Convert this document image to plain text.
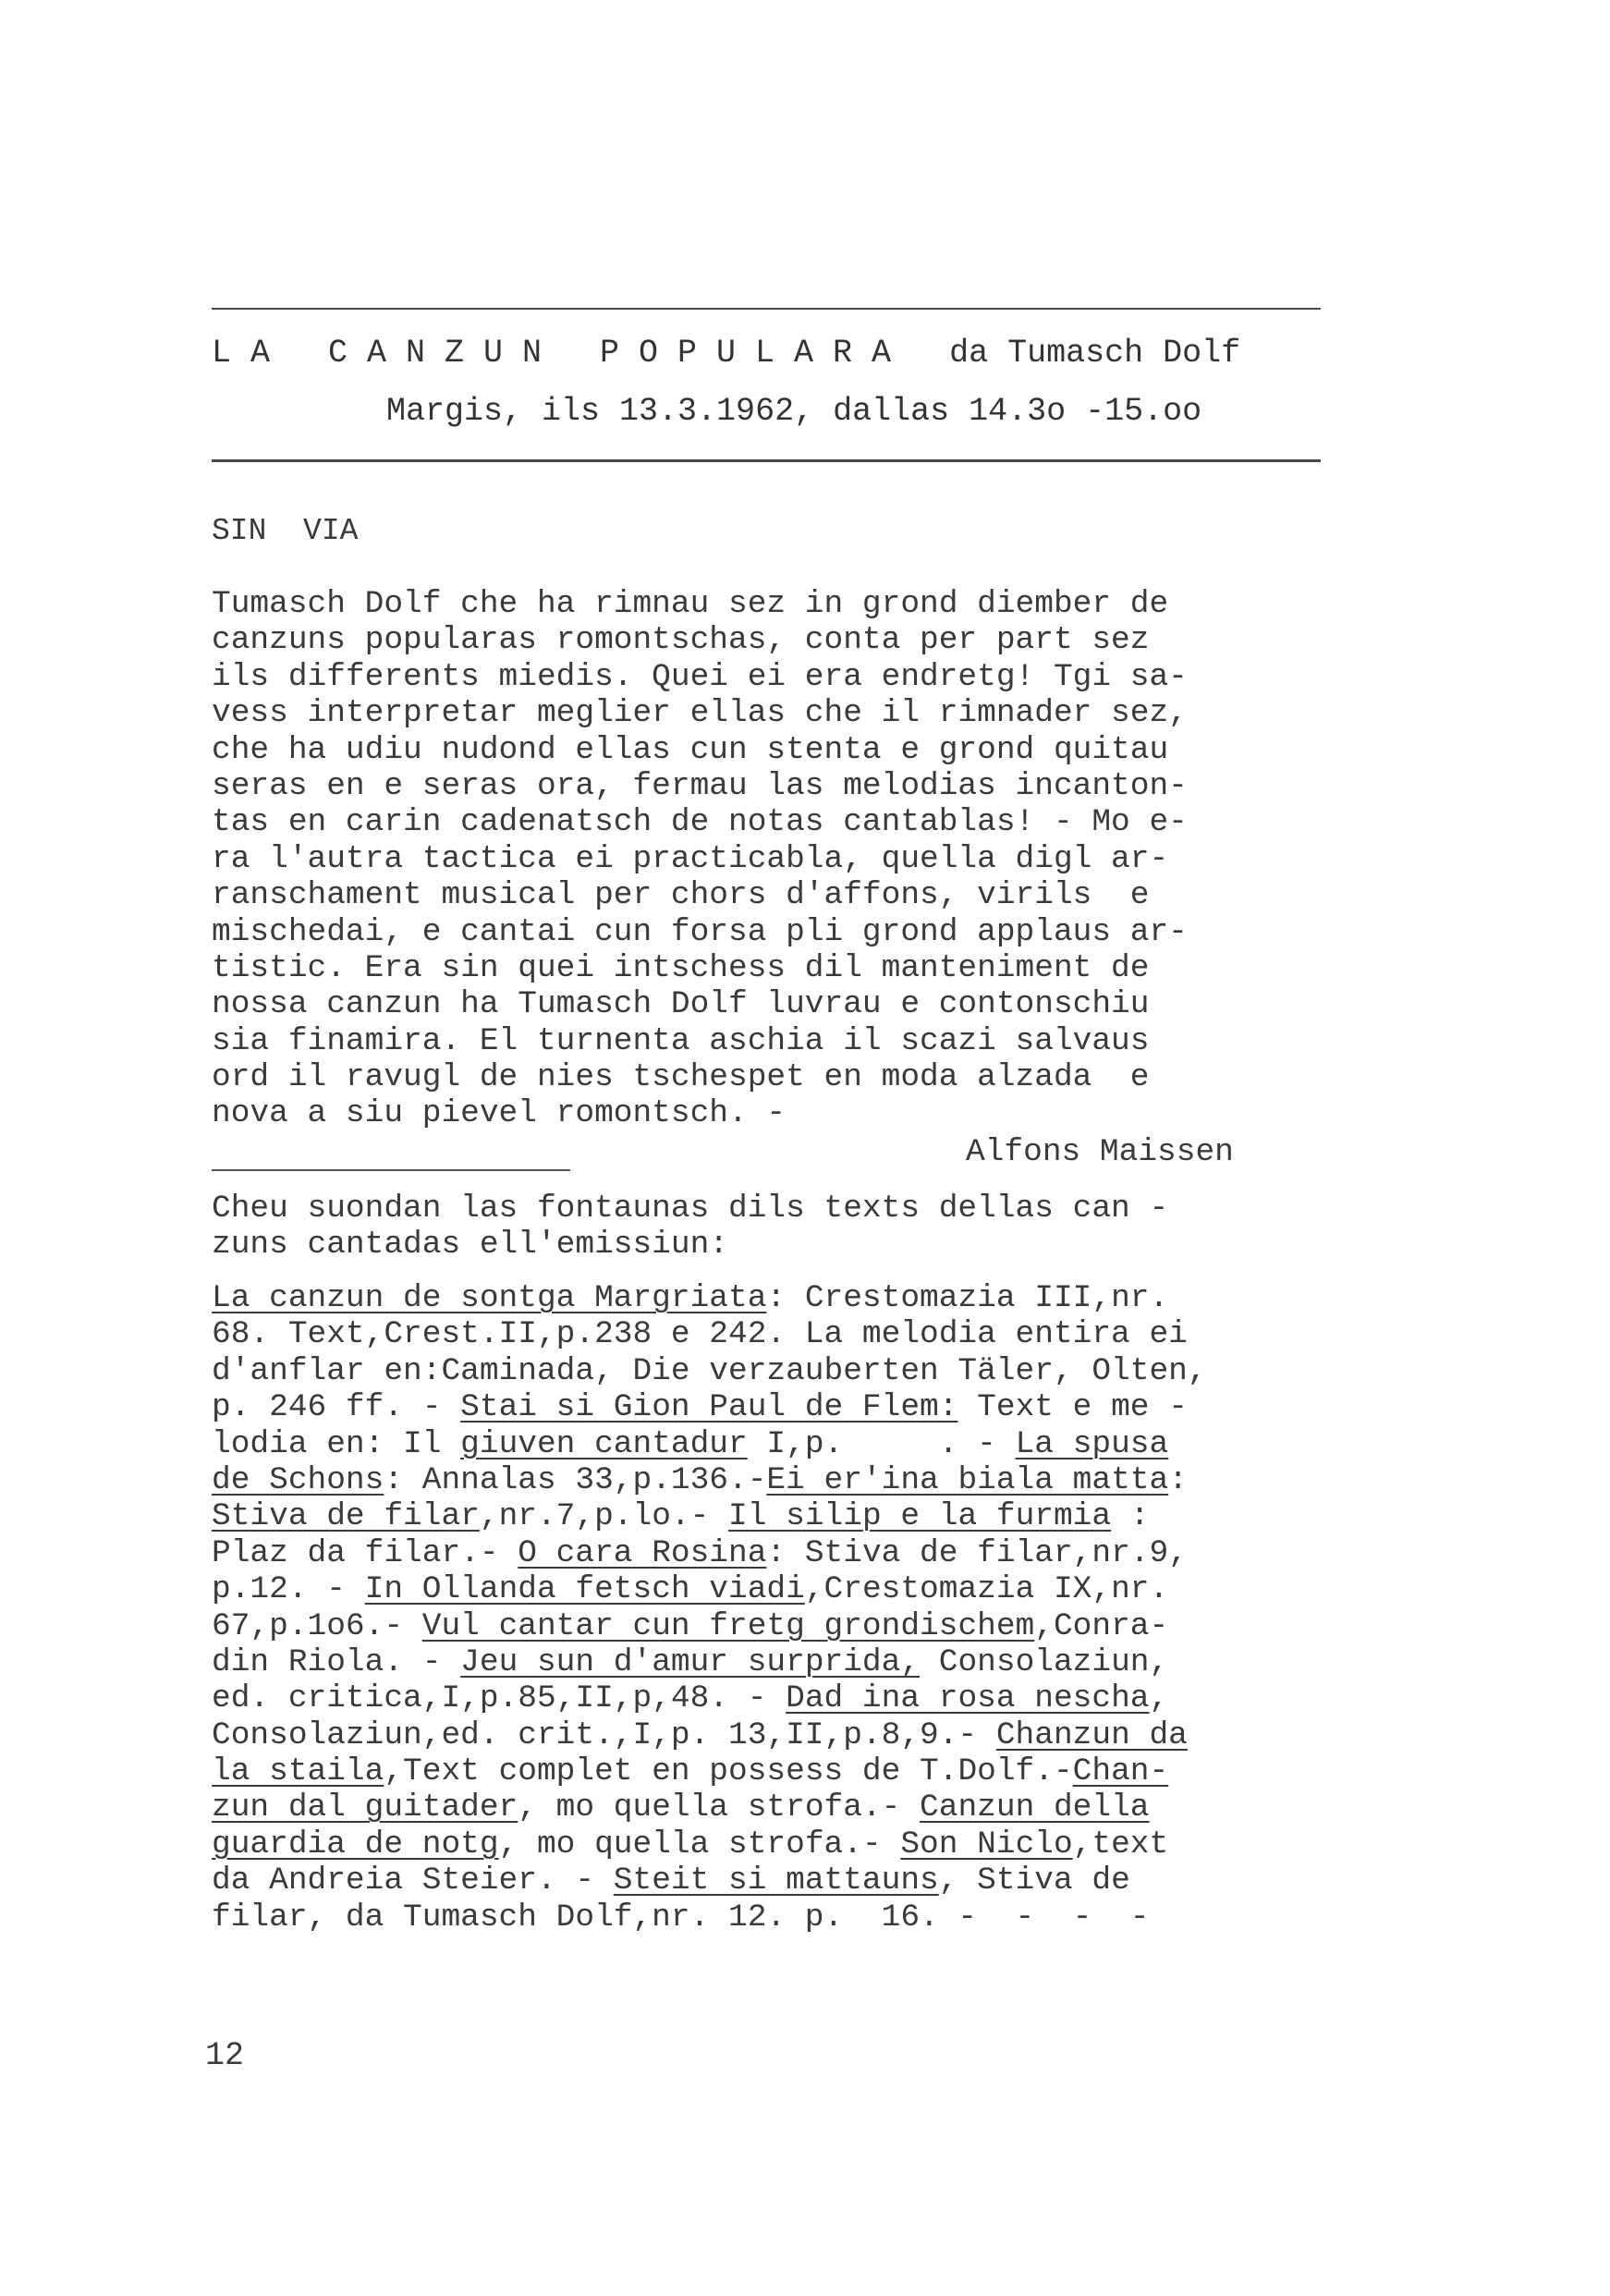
LA CANZUN POPULARA da Tumasch Dolf
Margis, ils 13.3.1962, dallas 14.3o -15.oo
SIN  VIA
Tumasch Dolf che ha rimnau sez in grond diember de
canzuns popularas romontschas, conta per part sez
ils differents miedis. Quei ei era endretg! Tgi sa-
vess interpretar meglier ellas che il rimnader sez,
che ha udiu nudond ellas cun stenta e grond quitau
seras en e seras ora, fermau las melodias incanton-
tas en carin cadenatsch de notas cantablas! - Mo e-
ra l'autra tactica ei practicabla, quella digl ar-
ranschament musical per chors d'affons, virils  e
mischedai, e cantai cun forsa pli grond applaus ar-
tistic. Era sin quei intschess dil manteniment de
nossa canzun ha Tumasch Dolf luvrau e contonschiu
sia finamira. El turnenta aschia il scazi salvaus
ord il ravugl de nies tschespet en moda alzada  e
nova a siu pievel romontsch. -
Alfons Maissen
Cheu suondan las fontaunas dils texts dellas can -
zuns cantadas ell'emissiun:
La canzun de sontga Margriata: Crestomazia III,nr.
68. Text,Crest.II,p.238 e 242. La melodia entira ei
d'anflar en:Caminada, Die verzauberten Täler, Olten,
p. 246 ff. - Stai si Gion Paul de Flem: Text e me -
lodia en: Il giuven cantadur I,p.     . - La spusa
de Schons: Annalas 33,p.136.-Ei er'ina biala matta:
Stiva de filar,nr.7,p.lo.- Il silip e la furmia :
Plaz da filar.- O cara Rosina: Stiva de filar,nr.9,
p.12. - In Ollanda fetsch viadi,Crestomazia IX,nr.
67,p.1o6.- Vul cantar cun fretg grondischem,Conra-
din Riola. - Jeu sun d'amur surprida, Consolaziun,
ed. critica,I,p.85,II,p,48. - Dad ina rosa nescha,
Consolaziun,ed. crit.,I,p. 13,II,p.8,9.- Chanzun da
la staila,Text complet en possess de T.Dolf.-Chan-
zun dal guitader, mo quella strofa.- Canzun della
guardia de notg, mo quella strofa.- Son Niclo,text
da Andreia Steier. - Steit si mattauns, Stiva de
filar, da Tumasch Dolf,nr. 12. p.  16. -  -  -  -
12
